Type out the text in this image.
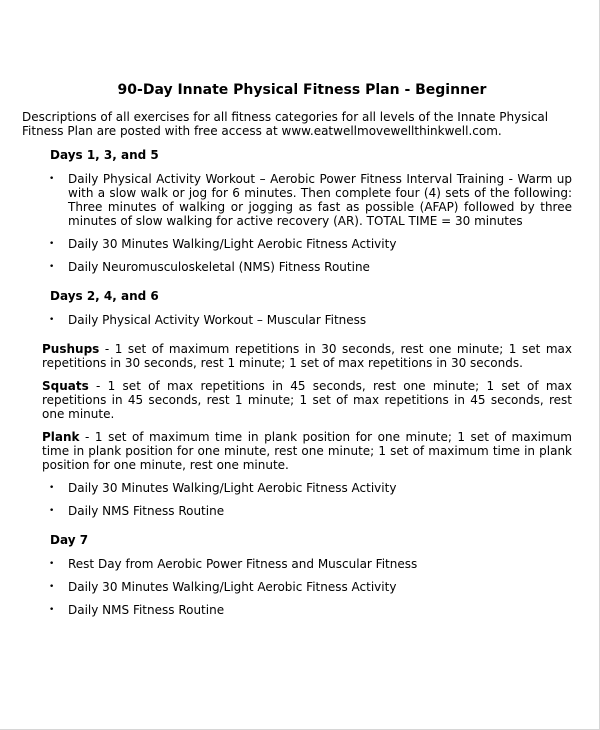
90-Day Innate Physical Fitness Plan - Beginner

Descriptions of all exercises for all fitness categories for all levels of the Innate Physical Fitness Plan are posted with free access at www.eatwellmovewellthinkwell.com.

Days 1, 3, and 5
• Daily Physical Activity Workout – Aerobic Power Fitness Interval Training - Warm up with a slow walk or jog for 6 minutes. Then complete four (4) sets of the following: Three minutes of walking or jogging as fast as possible (AFAP) followed by three minutes of slow walking for active recovery (AR). TOTAL TIME = 30 minutes
• Daily 30 Minutes Walking/Light Aerobic Fitness Activity
• Daily Neuromusculoskeletal (NMS) Fitness Routine
Days 2, 4, and 6
• Daily Physical Activity Workout – Muscular Fitness

Pushups - 1 set of maximum repetitions in 30 seconds, rest one minute; 1 set max repetitions in 30 seconds, rest 1 minute; 1 set of max repetitions in 30 seconds.

Squats - 1 set of max repetitions in 45 seconds, rest one minute; 1 set of max repetitions in 45 seconds, rest 1 minute; 1 set of max repetitions in 45 seconds, rest one minute.

Plank - 1 set of maximum time in plank position for one minute; 1 set of maximum time in plank position for one minute, rest one minute; 1 set of maximum time in plank position for one minute, rest one minute.

• Daily 30 Minutes Walking/Light Aerobic Fitness Activity
• Daily NMS Fitness Routine
Day 7
• Rest Day from Aerobic Power Fitness and Muscular Fitness
• Daily 30 Minutes Walking/Light Aerobic Fitness Activity
• Daily NMS Fitness Routine
